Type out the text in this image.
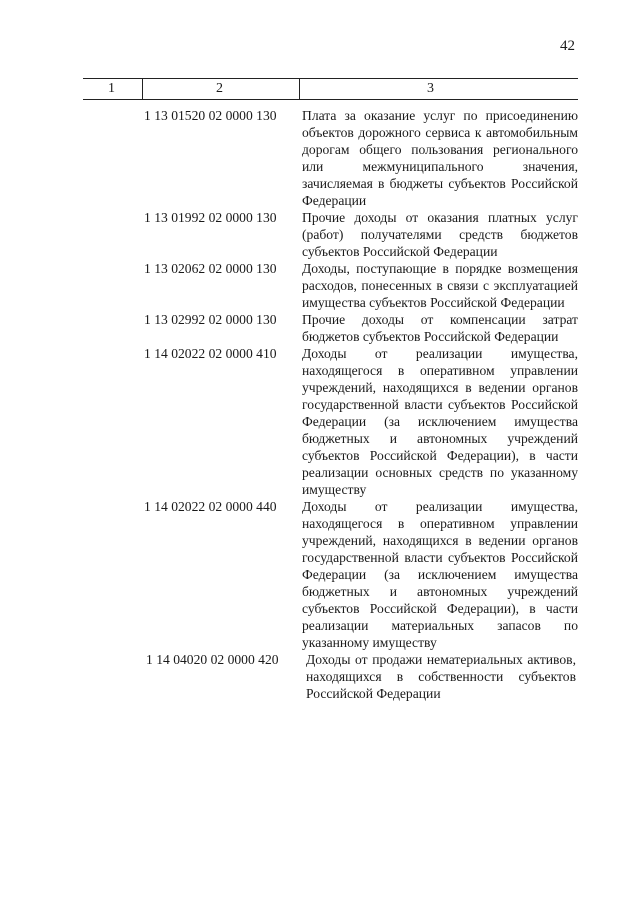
42
1	2	3
1 13 01520 02 0000 130 Плата за оказание услуг по присоединению объектов дорожного сервиса к автомобильным дорогам общего пользования регионального или межмуниципального значения, зачисляемая в бюджеты субъектов Российской Федерации
1 13 01992 02 0000 130 Прочие доходы от оказания платных услуг (работ) получателями средств бюджетов субъектов Российской Федерации
1 13 02062 02 0000 130 Доходы, поступающие в порядке возмещения расходов, понесенных в связи с эксплуатацией имущества субъектов Российской Федерации
1 13 02992 02 0000 130 Прочие доходы от компенсации затрат бюджетов субъектов Российской Федерации
1 14 02022 02 0000 410 Доходы от реализации имущества, находящегося в оперативном управлении учреждений, находящихся в ведении органов государственной власти субъектов Российской Федерации (за исключением имущества бюджетных и автономных учреждений субъектов Российской Федерации), в части реализации основных средств по указанному имуществу
1 14 02022 02 0000 440 Доходы от реализации имущества, находящегося в оперативном управлении учреждений, находящихся в ведении органов государственной власти субъектов Российской Федерации (за исключением имущества бюджетных и автономных учреждений субъектов Российской Федерации), в части реализации материальных запасов по указанному имуществу
1 14 04020 02 0000 420 Доходы от продажи нематериальных активов, находящихся в собственности субъектов Российской Федерации
